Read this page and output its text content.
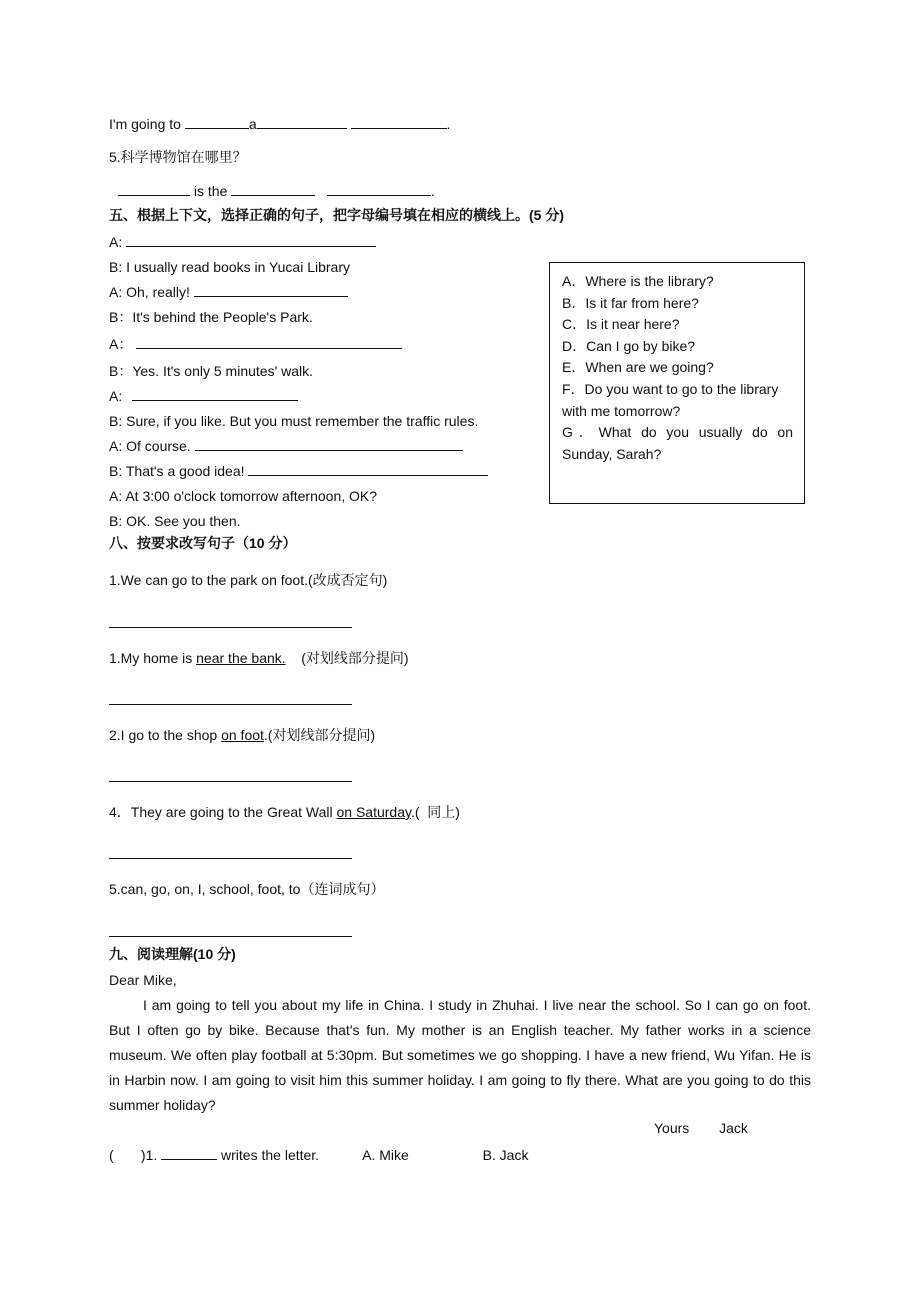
I'm going to	a	.
5.科学博物馆在哪里？
is the	.
五、根据上下文，选择正确的句子，把字母编号填在相应的横线上。(5 分)
A:
B: I usually read books in Yucai Library
A: Oh, really!
B：It's behind the People's Park.
A：
B：Yes. It's only 5 minutes' walk.
A:
B: Sure, if you like. But you must remember the traffic rules.
A: Of course.
B: That's a good idea!
A: At 3:00 o'clock tomorrow afternoon, OK?
B: OK. See you then.
A．Where is the library?
B．Is it far from here?
C．Is it near here?
D．Can I go by bike?
E．When are we going?
F．Do you want to go to the library with me tomorrow?
G．What do you usually do on Sunday, Sarah?
八、按要求改写句子（10 分）
1.We can go to the park on foot.(改成否定句)
1.My home is near the bank.    (对划线部分提问)
2.I go to the shop on foot.(对划线部分提问)
4．They are going to the Great Wall on Saturday.(  同上)
5.can, go, on, I, school, foot, to（连词成句）
九、阅读理解(10 分)
Dear Mike,
I am going to tell you about my life in China. I study in Zhuhai. I live near the school. So I can go on foot. But I often go by bike. Because that's fun. My mother is an English teacher. My father works in a science museum. We often play football at 5:30pm. But sometimes we go shopping. I have a new friend, Wu Yifan. He is in Harbin now. I am going to visit him this summer holiday. I am going to fly there. What are you going to do this summer holiday?
Yours Jack
(       )1.	writes the letter.	A. Mike	B. Jack
